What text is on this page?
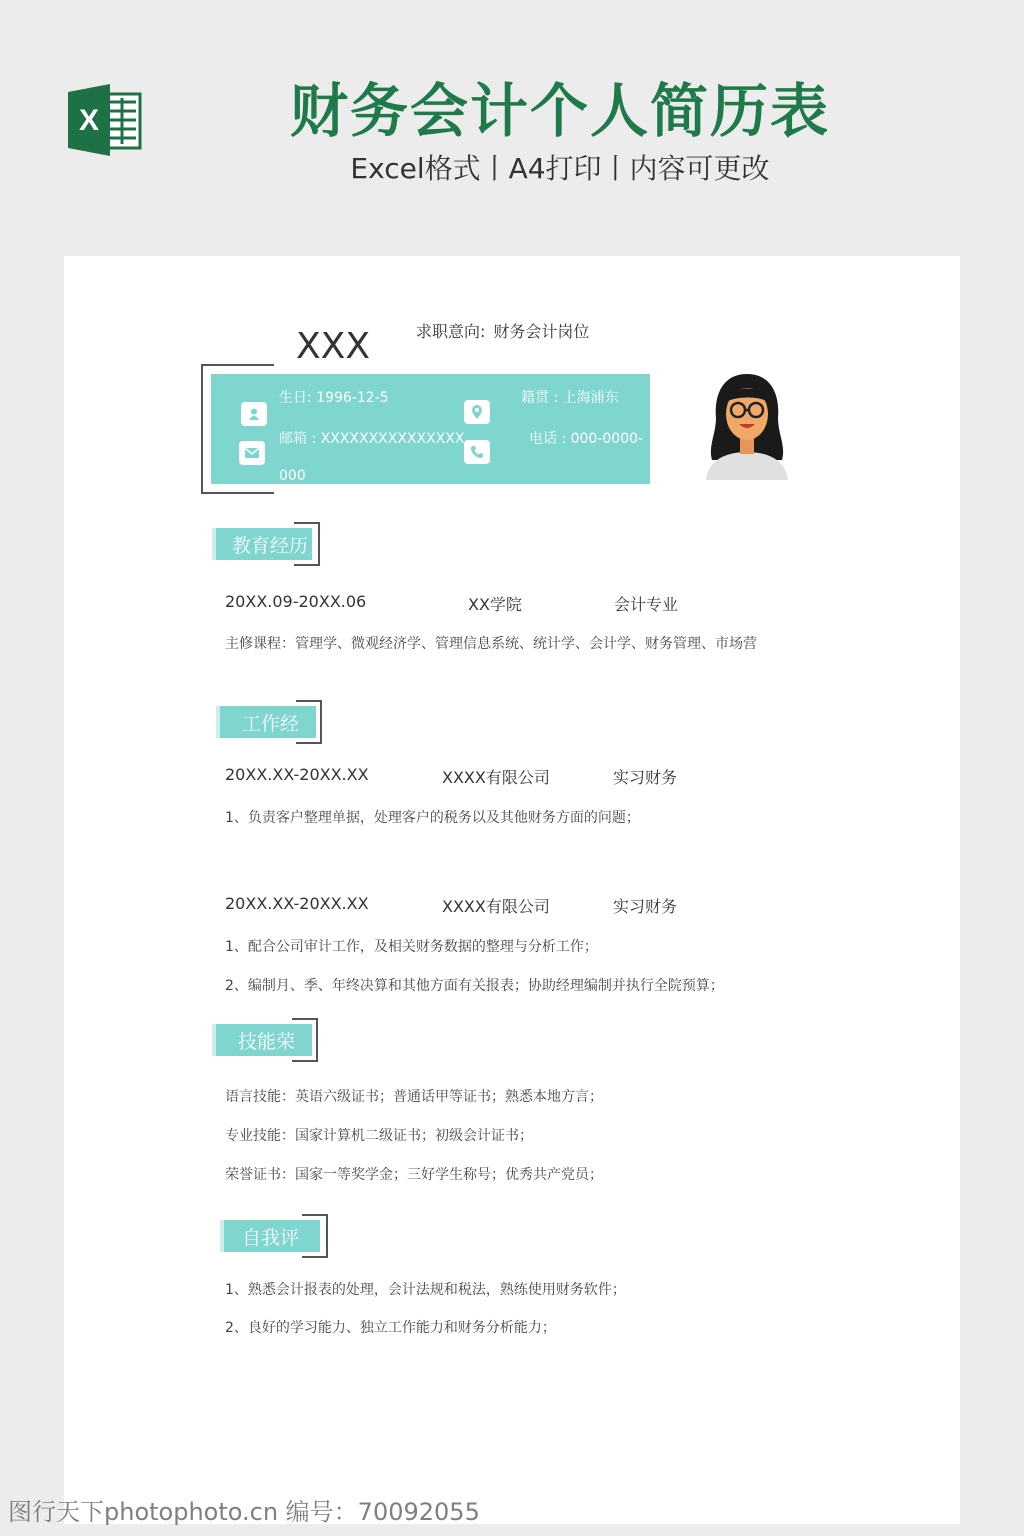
X	财务会计个人简历表
Excel格式丨A4打印丨内容可更改
XXX	求职意向: 财务会计岗位
生日: 1996-12-5	籍贯 : 上海浦东
邮箱 : XXXXXXXXXXXXXXX	电话 : 000-0000-
000
教育经历
20XX.09-20XX.06	XX学院	会计专业
主修课程：管理学、微观经济学、管理信息系统、统计学、会计学、财务管理、市场营
工作经
20XX.XX-20XX.XX	XXXX有限公司	实习财务
1、负责客户整理单据，处理客户的税务以及其他财务方面的问题；
20XX.XX-20XX.XX	XXXX有限公司	实习财务
1、配合公司审计工作，及相关财务数据的整理与分析工作；
2、编制月、季、年终决算和其他方面有关报表；协助经理编制并执行全院预算；
技能荣
语言技能：英语六级证书；普通话甲等证书；熟悉本地方言；
专业技能：国家计算机二级证书；初级会计证书；
荣誉证书：国家一等奖学金；三好学生称号；优秀共产党员；
自我评
1、熟悉会计报表的处理，会计法规和税法，熟练使用财务软件；
2、良好的学习能力、独立工作能力和财务分析能力；
图行天下photophoto.cn 编号：70092055
